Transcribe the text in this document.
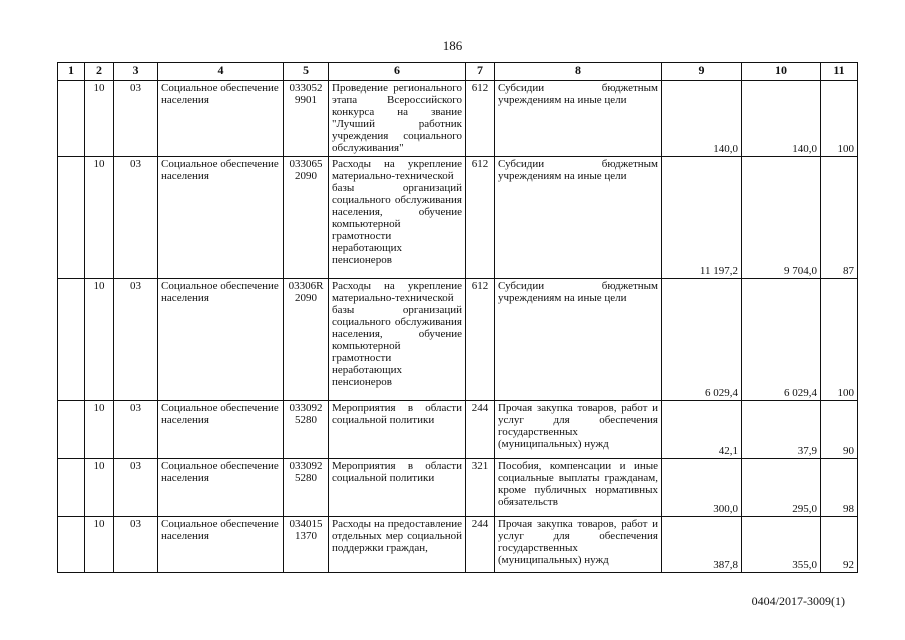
186
1	2	3	4	5	6	7	8	9	10	11
	10	03	Социальное обеспечение населения	033052 9901	Проведение регионального этапа Всероссийского конкурса на звание "Лучший работник учреждения социального обслуживания"	612	Субсидии бюджетным учреждениям на иные цели	140,0	140,0	100
	10	03	Социальное обеспечение населения	033065 2090	Расходы на укрепление материально-технической базы организаций социального обслуживания населения, обучение компьютерной грамотности неработающих пенсионеров	612	Субсидии бюджетным учреждениям на иные цели	11 197,2	9 704,0	87
	10	03	Социальное обеспечение населения	03306R 2090	Расходы на укрепление материально-технической базы организаций социального обслуживания населения, обучение компьютерной грамотности неработающих пенсионеров	612	Субсидии бюджетным учреждениям на иные цели	6 029,4	6 029,4	100
	10	03	Социальное обеспечение населения	033092 5280	Мероприятия в области социальной политики	244	Прочая закупка товаров, работ и услуг для обеспечения государственных (муниципальных) нужд	42,1	37,9	90
	10	03	Социальное обеспечение населения	033092 5280	Мероприятия в области социальной политики	321	Пособия, компенсации и иные социальные выплаты гражданам, кроме публичных нормативных обязательств	300,0	295,0	98
	10	03	Социальное обеспечение населения	034015 1370	Расходы на предоставление отдельных мер социальной поддержки граждан,	244	Прочая закупка товаров, работ и услуг для обеспечения государственных (муниципальных) нужд	387,8	355,0	92
0404/2017-3009(1)
